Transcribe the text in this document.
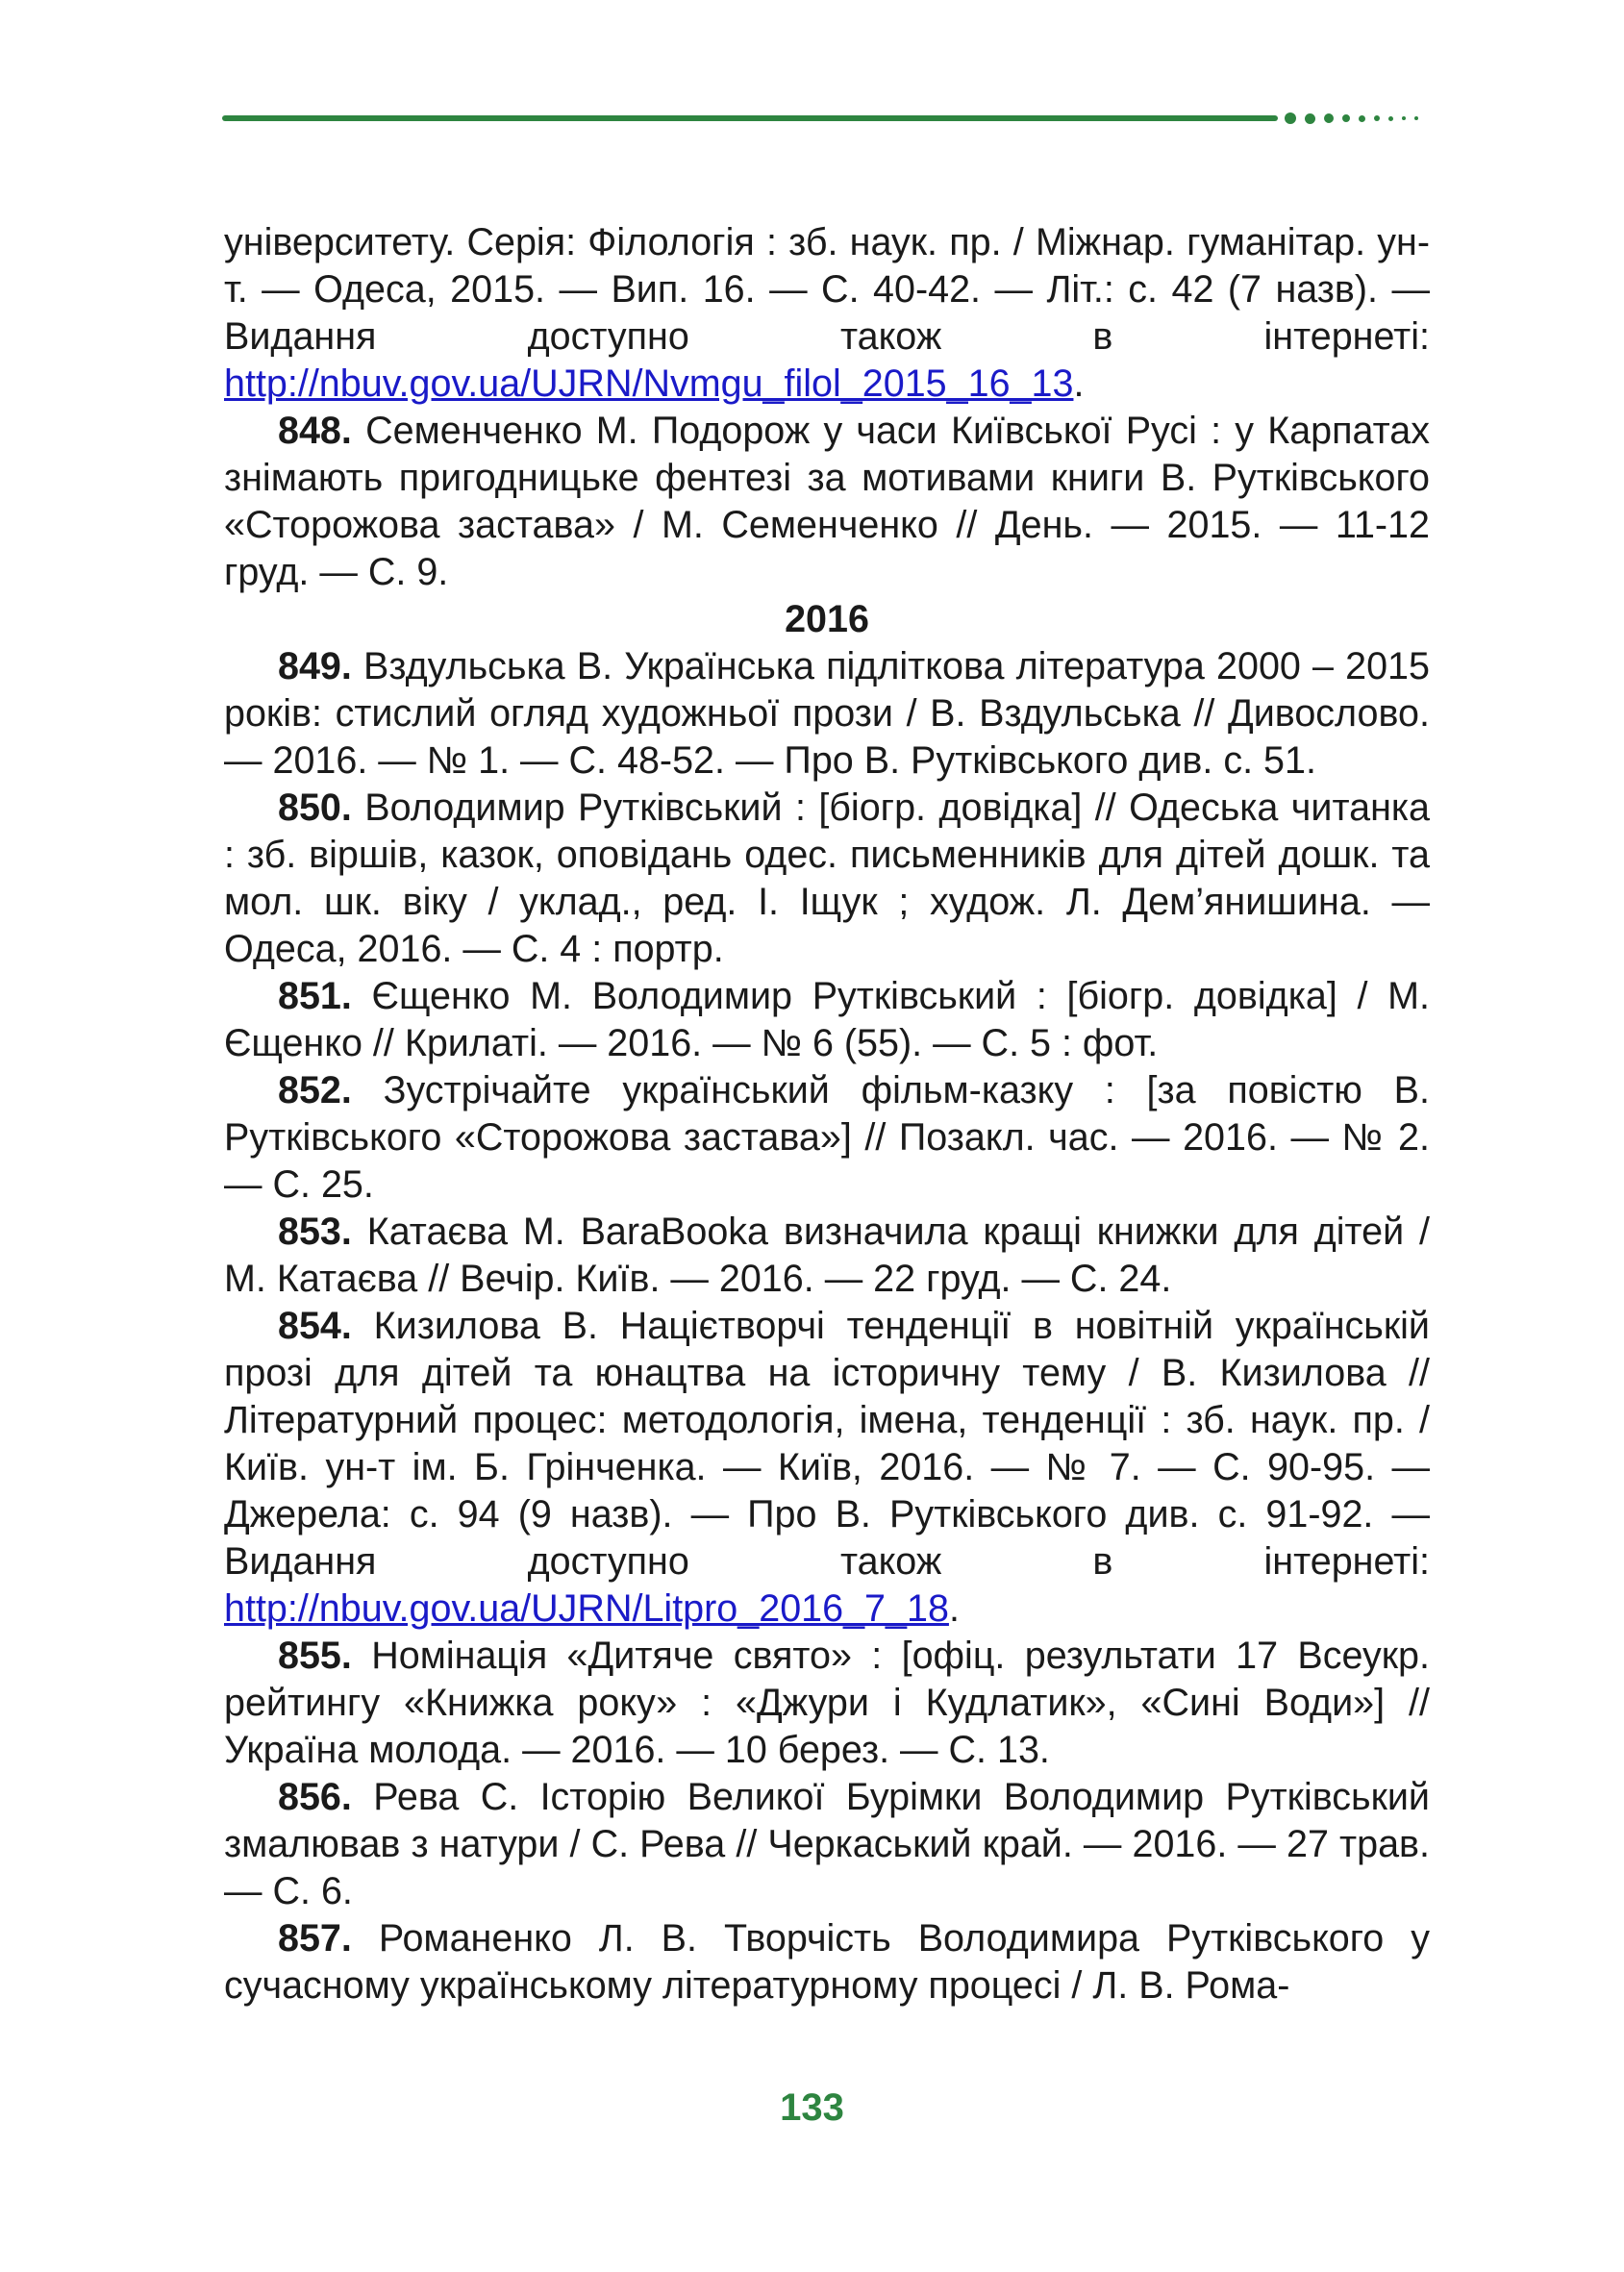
університету. Серія: Філологія : зб. наук. пр. / Міжнар. гуманітар. ун-т. — Одеса, 2015. — Вип. 16. — С. 40-42. — Літ.: с. 42 (7 назв). — Видання доступно також в інтернеті: http://nbuv.gov.ua/UJRN/Nvmgu_filol_2015_16_13.

848. Семенченко М. Подорож у часи Київської Русі : у Карпатах знімають пригодницьке фентезі за мотивами книги В. Рутківського «Сторожова застава» / М. Семенченко // День. — 2015. — 11-12 груд. — С. 9.

2016

849. Вздульська В. Українська підліткова література 2000 – 2015 років: стислий огляд художньої прози / В. Вздульська // Дивослово. — 2016. — № 1. — С. 48-52. — Про В. Рутківського див. с. 51.

850. Володимир Рутківський : [біогр. довідка] // Одеська читанка : зб. віршів, казок, оповідань одес. письменників для дітей дошк. та мол. шк. віку / уклад., ред. І. Іщук ; худож. Л. Дем’янишина. — Одеса, 2016. — С. 4 : портр.

851. Єщенко М. Володимир Рутківський : [біогр. довідка] / М. Єщенко // Крилаті. — 2016. — № 6 (55). — С. 5 : фот.

852. Зустрічайте український фільм-казку : [за повістю В. Рутківського «Сторожова застава»] // Позакл. час. — 2016. — № 2. — С. 25.

853. Катаєва М. BaraBooka визначила кращі книжки для дітей / М. Катаєва // Вечір. Київ. — 2016. — 22 груд. — С. 24.

854. Кизилова В. Націєтворчі тенденції в новітній українській прозі для дітей та юнацтва на історичну тему / В. Кизилова // Літературний процес: методологія, імена, тенденції : зб. наук. пр. / Київ. ун-т ім. Б. Грінченка. — Київ, 2016. — № 7. — С. 90-95. — Джерела: с. 94 (9 назв). — Про В. Рутківського див. с. 91-92. — Видання доступно також в інтернеті: http://nbuv.gov.ua/UJRN/Litpro_2016_7_18.

855. Номінація «Дитяче свято» : [офіц. результати 17 Всеукр. рейтингу «Книжка року» : «Джури і Кудлатик», «Сині Води»] // Україна молода. — 2016. — 10 берез. — С. 13.

856. Рева С. Історію Великої Бурімки Володимир Рутківський змалював з натури / С. Рева // Черкаський край. — 2016. — 27 трав. — С. 6.

857. Романенко Л. В. Творчість Володимира Рутківського у сучасному українському літературному процесі / Л. В. Рома-

133
